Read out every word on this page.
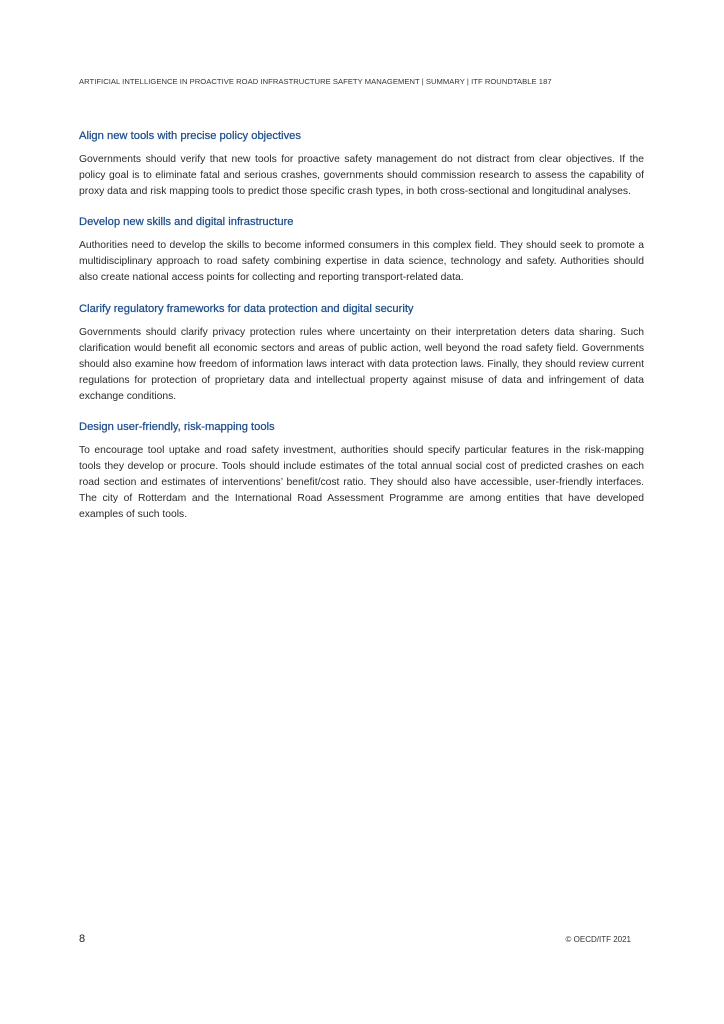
ARTIFICIAL INTELLIGENCE IN PROACTIVE ROAD INFRASTRUCTURE SAFETY MANAGEMENT | SUMMARY | ITF ROUNDTABLE 187
Align new tools with precise policy objectives

Governments should verify that new tools for proactive safety management do not distract from clear objectives. If the policy goal is to eliminate fatal and serious crashes, governments should commission research to assess the capability of proxy data and risk mapping tools to predict those specific crash types, in both cross-sectional and longitudinal analyses.

Develop new skills and digital infrastructure

Authorities need to develop the skills to become informed consumers in this complex field. They should seek to promote a multidisciplinary approach to road safety combining expertise in data science, technology and safety. Authorities should also create national access points for collecting and reporting transport-related data.

Clarify regulatory frameworks for data protection and digital security

Governments should clarify privacy protection rules where uncertainty on their interpretation deters data sharing. Such clarification would benefit all economic sectors and areas of public action, well beyond the road safety field. Governments should also examine how freedom of information laws interact with data protection laws. Finally, they should review current regulations for protection of proprietary data and intellectual property against misuse of data and infringement of data exchange conditions.

Design user-friendly, risk-mapping tools

To encourage tool uptake and road safety investment, authorities should specify particular features in the risk-mapping tools they develop or procure. Tools should include estimates of the total annual social cost of predicted crashes on each road section and estimates of interventions’ benefit/cost ratio. They should also have accessible, user-friendly interfaces. The city of Rotterdam and the International Road Assessment Programme are among entities that have developed examples of such tools.

8	© OECD/ITF 2021
